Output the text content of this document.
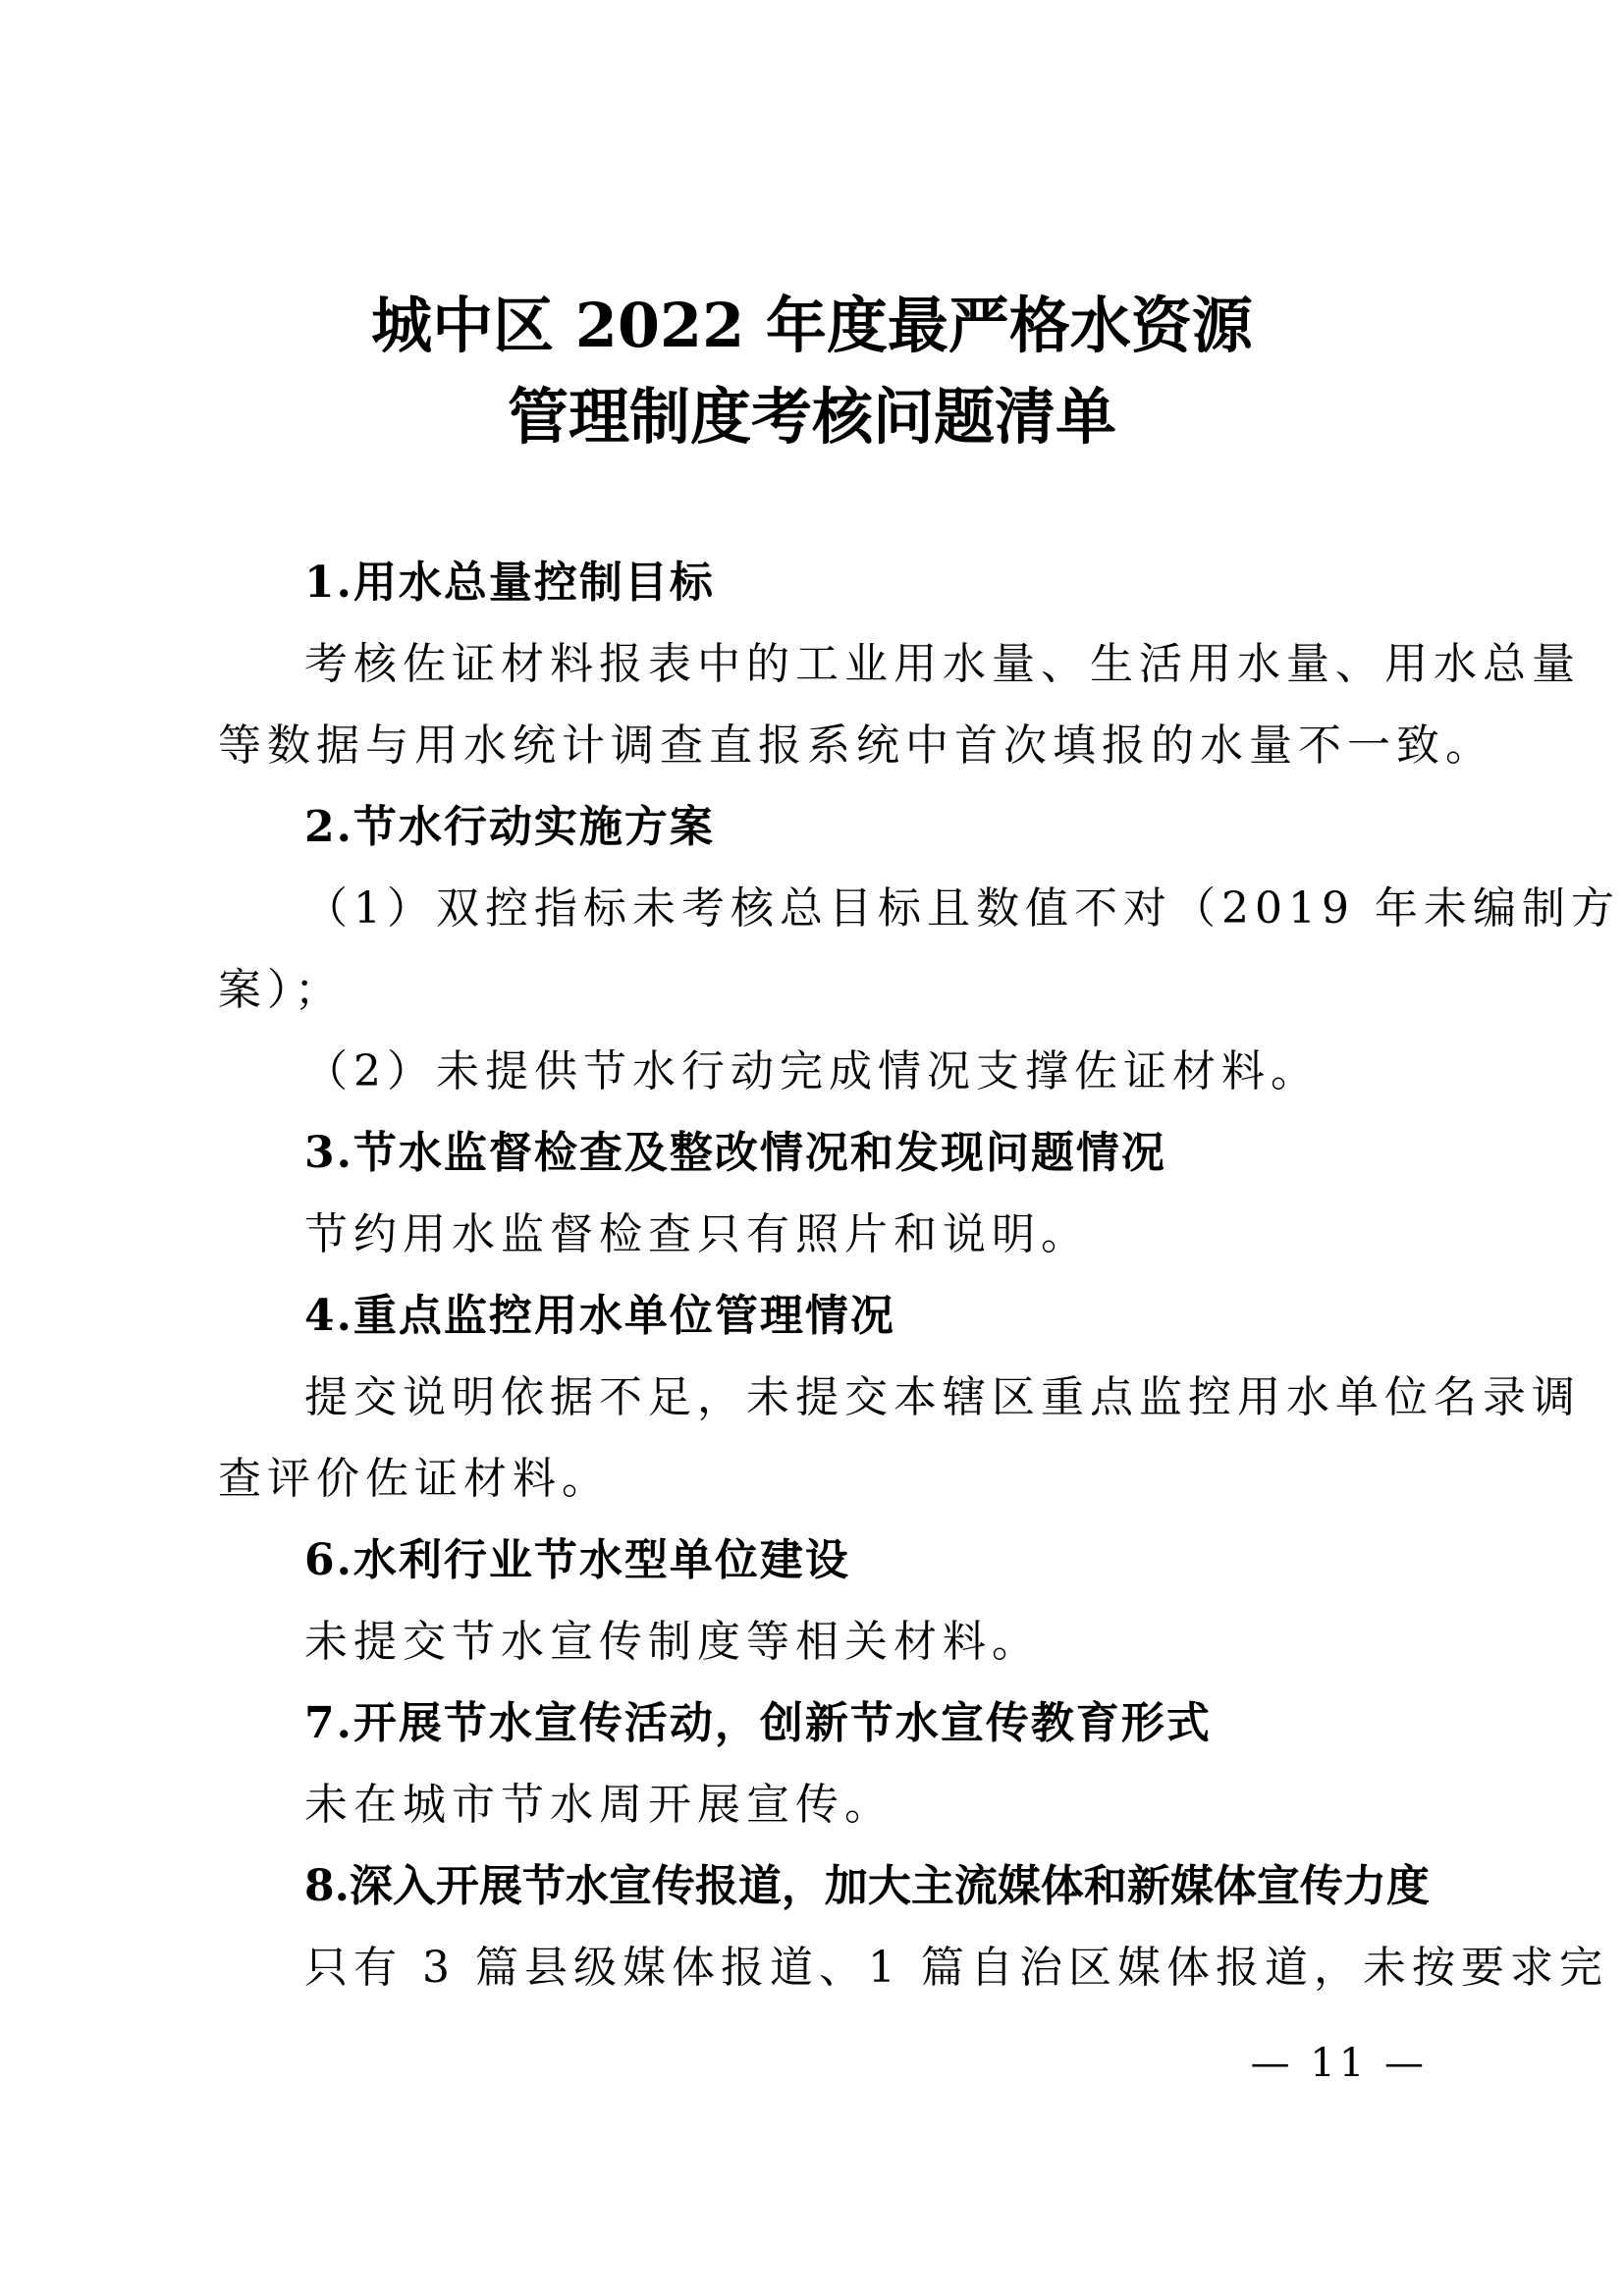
城中区 2022 年度最严格水资源
管理制度考核问题清单
1.用水总量控制目标
考核佐证材料报表中的工业用水量、生活用水量、用水总量
等数据与用水统计调查直报系统中首次填报的水量不一致。
2.节水行动实施方案
（1）双控指标未考核总目标且数值不对（2019 年未编制方
案）；
（2）未提供节水行动完成情况支撑佐证材料。
3.节水监督检查及整改情况和发现问题情况
节约用水监督检查只有照片和说明。
4.重点监控用水单位管理情况
提交说明依据不足，未提交本辖区重点监控用水单位名录调
查评价佐证材料。
6.水利行业节水型单位建设
未提交节水宣传制度等相关材料。
7.开展节水宣传活动，创新节水宣传教育形式
未在城市节水周开展宣传。
8.深入开展节水宣传报道，加大主流媒体和新媒体宣传力度
只有 3 篇县级媒体报道、1 篇自治区媒体报道，未按要求完
— 11 —
